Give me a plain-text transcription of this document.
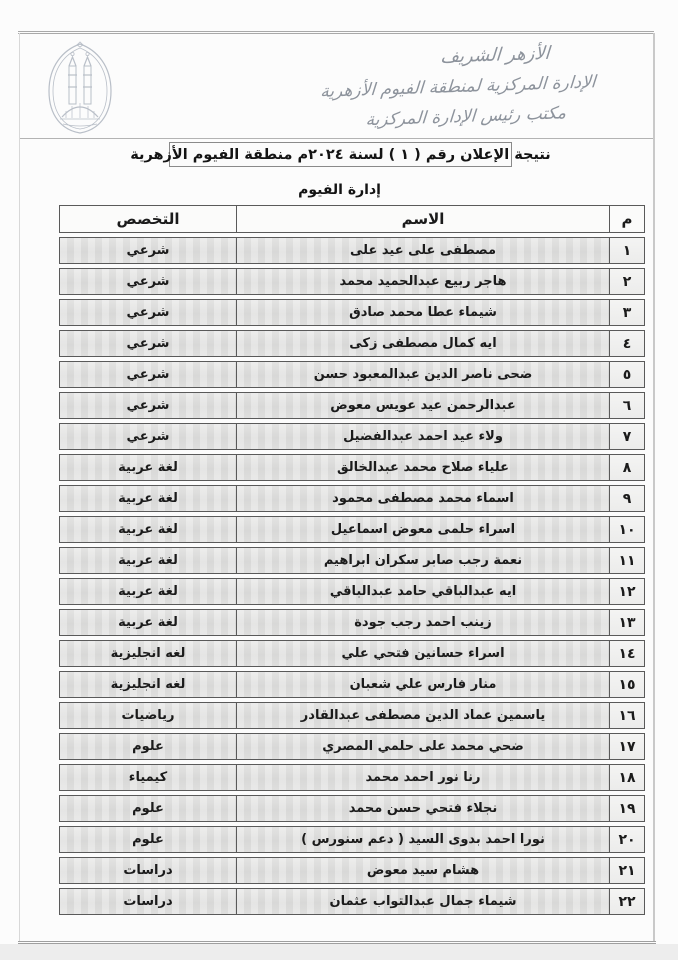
الأزهر الشريف
الإدارة المركزية لمنطقة الفيوم الأزهرية
مكتب رئيس الإدارة المركزية
نتيجة الإعلان رقم ( ١ ) لسنة ٢٠٢٤م منطقة الفيوم الأزهرية
إدارة الفيوم
م
الاسم
التخصص
١
مصطفى على عيد على
شرعي
٢
هاجر ربيع عبدالحميد محمد
شرعي
٣
شيماء عطا محمد صادق
شرعي
٤
ايه كمال مصطفى زكى
شرعي
٥
ضحى ناصر الدين عبدالمعبود حسن
شرعي
٦
عبدالرحمن عيد عويس معوض
شرعي
٧
ولاء عيد احمد عبدالفضيل
شرعي
٨
علياء صلاح محمد عبدالخالق
لغة عربية
٩
اسماء محمد مصطفى محمود
لغة عربية
١٠
اسراء حلمى معوض اسماعيل
لغة عربية
١١
نعمة رجب صابر سكران ابراهيم
لغة عربية
١٢
ايه عبدالباقي حامد عبدالباقي
لغة عربية
١٣
زينب احمد رجب جودة
لغة عربية
١٤
اسراء حسانين فتحي علي
لغه انجليزية
١٥
منار فارس علي شعبان
لغه انجليزية
١٦
ياسمين عماد الدين مصطفى عبدالقادر
رياضيات
١٧
ضحي محمد على حلمي المصري
علوم
١٨
رنا نور احمد محمد
كيمياء
١٩
نجلاء فتحي حسن محمد
علوم
٢٠
نورا احمد بدوى السيد ( دعم سنورس )
علوم
٢١
هشام سيد معوض
دراسات
٢٢
شيماء جمال عبدالتواب عثمان
دراسات
